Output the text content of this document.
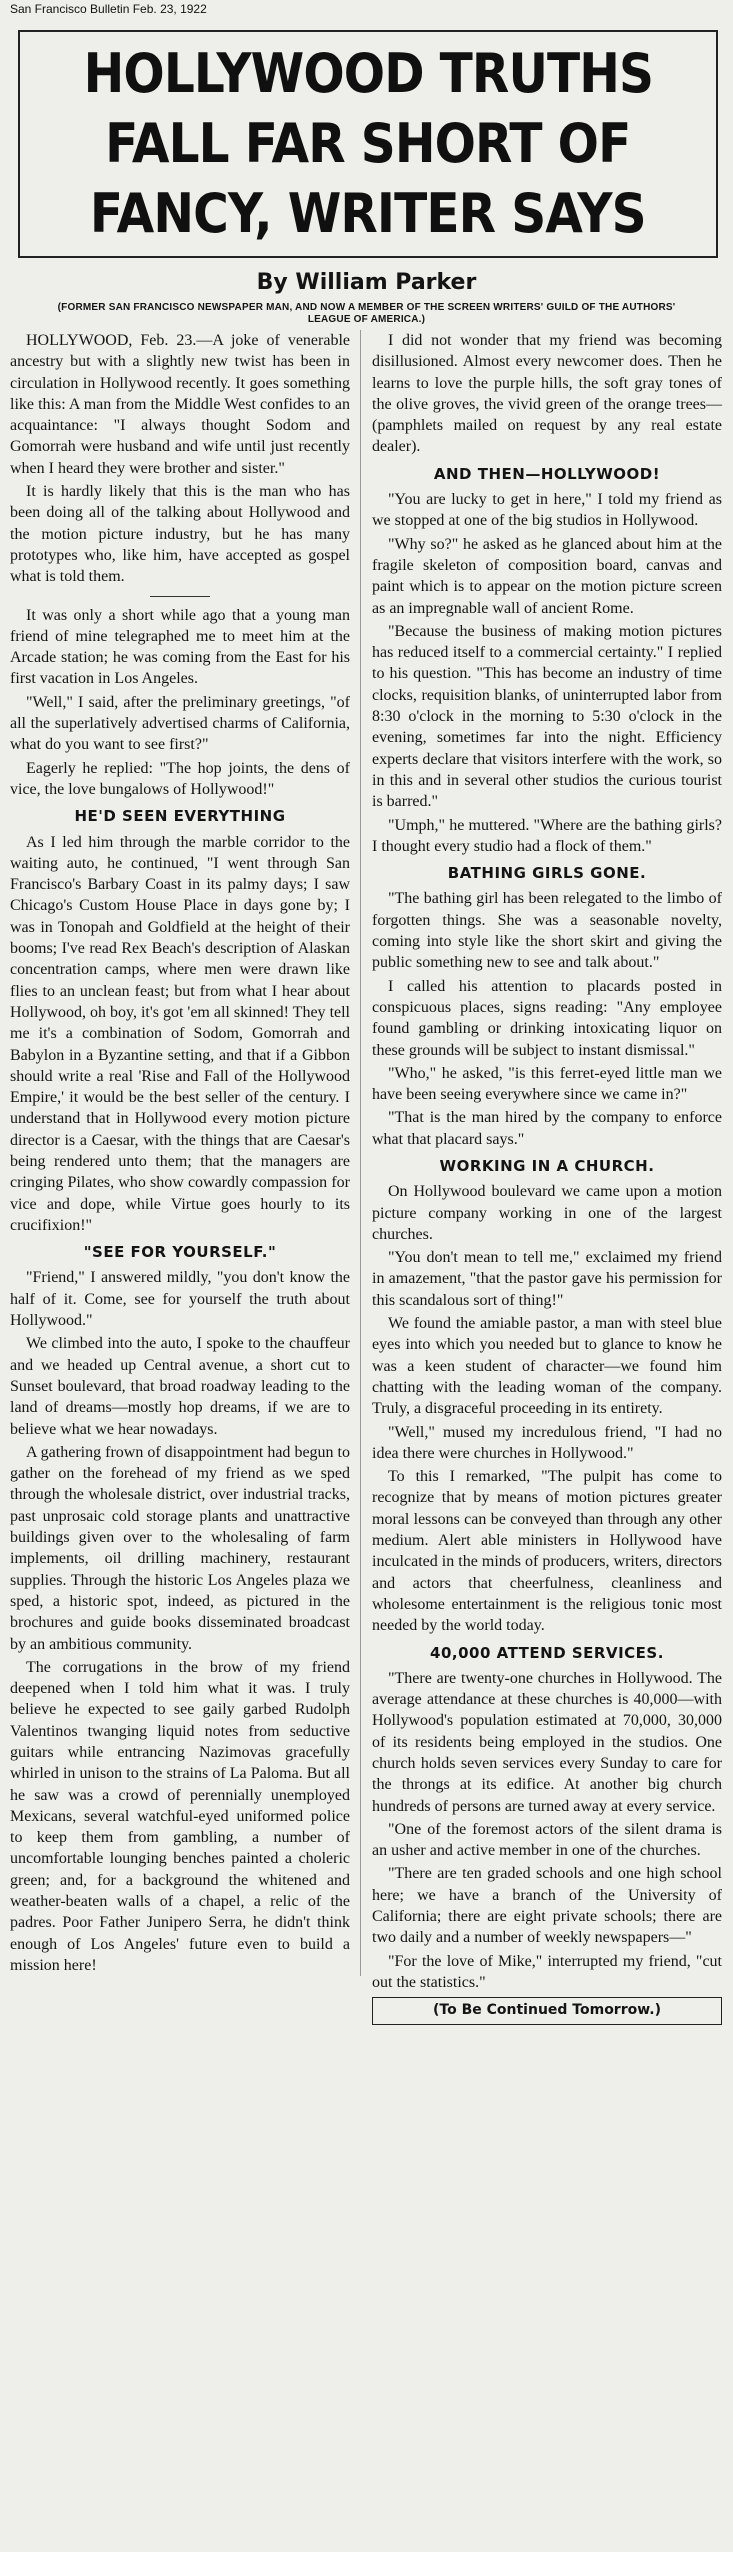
San Francisco Bulletin Feb. 23, 1922
HOLLYWOOD TRUTHS
FALL FAR SHORT OF
FANCY, WRITER SAYS
By William Parker
(FORMER SAN FRANCISCO NEWSPAPER MAN, AND NOW A MEMBER OF THE SCREEN WRITERS' GUILD OF THE AUTHORS' LEAGUE OF AMERICA.)

HOLLYWOOD, Feb. 23.—A joke of venerable ancestry but with a slightly new twist has been in circulation in Hollywood recently. It goes something like this: A man from the Middle West confides to an acquaintance: "I always thought Sodom and Gomorrah were husband and wife until just recently when I heard they were brother and sister."

It is hardly likely that this is the man who has been doing all of the talking about Hollywood and the motion picture industry, but he has many prototypes who, like him, have accepted as gospel what is told them.

It was only a short while ago that a young man friend of mine telegraphed me to meet him at the Arcade station; he was coming from the East for his first vacation in Los Angeles.

"Well," I said, after the preliminary greetings, "of all the superlatively advertised charms of California, what do you want to see first?"

Eagerly he replied: "The hop joints, the dens of vice, the love bungalows of Hollywood!"

HE'D SEEN EVERYTHING

As I led him through the marble corridor to the waiting auto, he continued, "I went through San Francisco's Barbary Coast in its palmy days; I saw Chicago's Custom House Place in days gone by; I was in Tonopah and Goldfield at the height of their booms; I've read Rex Beach's description of Alaskan concentration camps, where men were drawn like flies to an unclean feast; but from what I hear about Hollywood, oh boy, it's got 'em all skinned! They tell me it's a combination of Sodom, Gomorrah and Babylon in a Byzantine setting, and that if a Gibbon should write a real 'Rise and Fall of the Hollywood Empire,' it would be the best seller of the century. I understand that in Hollywood every motion picture director is a Caesar, with the things that are Caesar's being rendered unto them; that the managers are cringing Pilates, who show cowardly compassion for vice and dope, while Virtue goes hourly to its crucifixion!"

"SEE FOR YOURSELF."

"Friend," I answered mildly, "you don't know the half of it. Come, see for yourself the truth about Hollywood."

We climbed into the auto, I spoke to the chauffeur and we headed up Central avenue, a short cut to Sunset boulevard, that broad roadway leading to the land of dreams—mostly hop dreams, if we are to believe what we hear nowadays.

A gathering frown of disappointment had begun to gather on the forehead of my friend as we sped through the wholesale district, over industrial tracks, past unprosaic cold storage plants and unattractive buildings given over to the wholesaling of farm implements, oil drilling machinery, restaurant supplies. Through the historic Los Angeles plaza we sped, a historic spot, indeed, as pictured in the brochures and guide books disseminated broadcast by an ambitious community.

The corrugations in the brow of my friend deepened when I told him what it was. I truly believe he expected to see gaily garbed Rudolph Valentinos twanging liquid notes from seductive guitars while entrancing Nazimovas gracefully whirled in unison to the strains of La Paloma. But all he saw was a crowd of perennially unemployed Mexicans, several watchful-eyed uniformed police to keep them from gambling, a number of uncomfortable lounging benches painted a choleric green; and, for a background the whitened and weather-beaten walls of a chapel, a relic of the padres. Poor Father Junipero Serra, he didn't think enough of Los Angeles' future even to build a mission here!

I did not wonder that my friend was becoming disillusioned. Almost every newcomer does. Then he learns to love the purple hills, the soft gray tones of the olive groves, the vivid green of the orange trees—(pamphlets mailed on request by any real estate dealer).

AND THEN—HOLLYWOOD!

"You are lucky to get in here," I told my friend as we stopped at one of the big studios in Hollywood.

"Why so?" he asked as he glanced about him at the fragile skeleton of composition board, canvas and paint which is to appear on the motion picture screen as an impregnable wall of ancient Rome.

"Because the business of making motion pictures has reduced itself to a commercial certainty." I replied to his question. "This has become an industry of time clocks, requisition blanks, of uninterrupted labor from 8:30 o'clock in the morning to 5:30 o'clock in the evening, sometimes far into the night. Efficiency experts declare that visitors interfere with the work, so in this and in several other studios the curious tourist is barred."

"Umph," he muttered. "Where are the bathing girls? I thought every studio had a flock of them."

BATHING GIRLS GONE.

"The bathing girl has been relegated to the limbo of forgotten things. She was a seasonable novelty, coming into style like the short skirt and giving the public something new to see and talk about."

I called his attention to placards posted in conspicuous places, signs reading: "Any employee found gambling or drinking intoxicating liquor on these grounds will be subject to instant dismissal."

"Who," he asked, "is this ferret-eyed little man we have been seeing everywhere since we came in?"

"That is the man hired by the company to enforce what that placard says."

WORKING IN A CHURCH.

On Hollywood boulevard we came upon a motion picture company working in one of the largest churches.

"You don't mean to tell me," exclaimed my friend in amazement, "that the pastor gave his permission for this scandalous sort of thing!"

We found the amiable pastor, a man with steel blue eyes into which you needed but to glance to know he was a keen student of character—we found him chatting with the leading woman of the company. Truly, a disgraceful proceeding in its entirety.

"Well," mused my incredulous friend, "I had no idea there were churches in Hollywood."

To this I remarked, "The pulpit has come to recognize that by means of motion pictures greater moral lessons can be conveyed than through any other medium. Alert able ministers in Hollywood have inculcated in the minds of producers, writers, directors and actors that cheerfulness, cleanliness and wholesome entertainment is the religious tonic most needed by the world today.

40,000 ATTEND SERVICES.

"There are twenty-one churches in Hollywood. The average attendance at these churches is 40,000—with Hollywood's population estimated at 70,000, 30,000 of its residents being employed in the studios. One church holds seven services every Sunday to care for the throngs at its edifice. At another big church hundreds of persons are turned away at every service.

"One of the foremost actors of the silent drama is an usher and active member in one of the churches.

"There are ten graded schools and one high school here; we have a branch of the University of California; there are eight private schools; there are two daily and a number of weekly newspapers—"

"For the love of Mike," interrupted my friend, "cut out the statistics."

(To Be Continued Tomorrow.)
